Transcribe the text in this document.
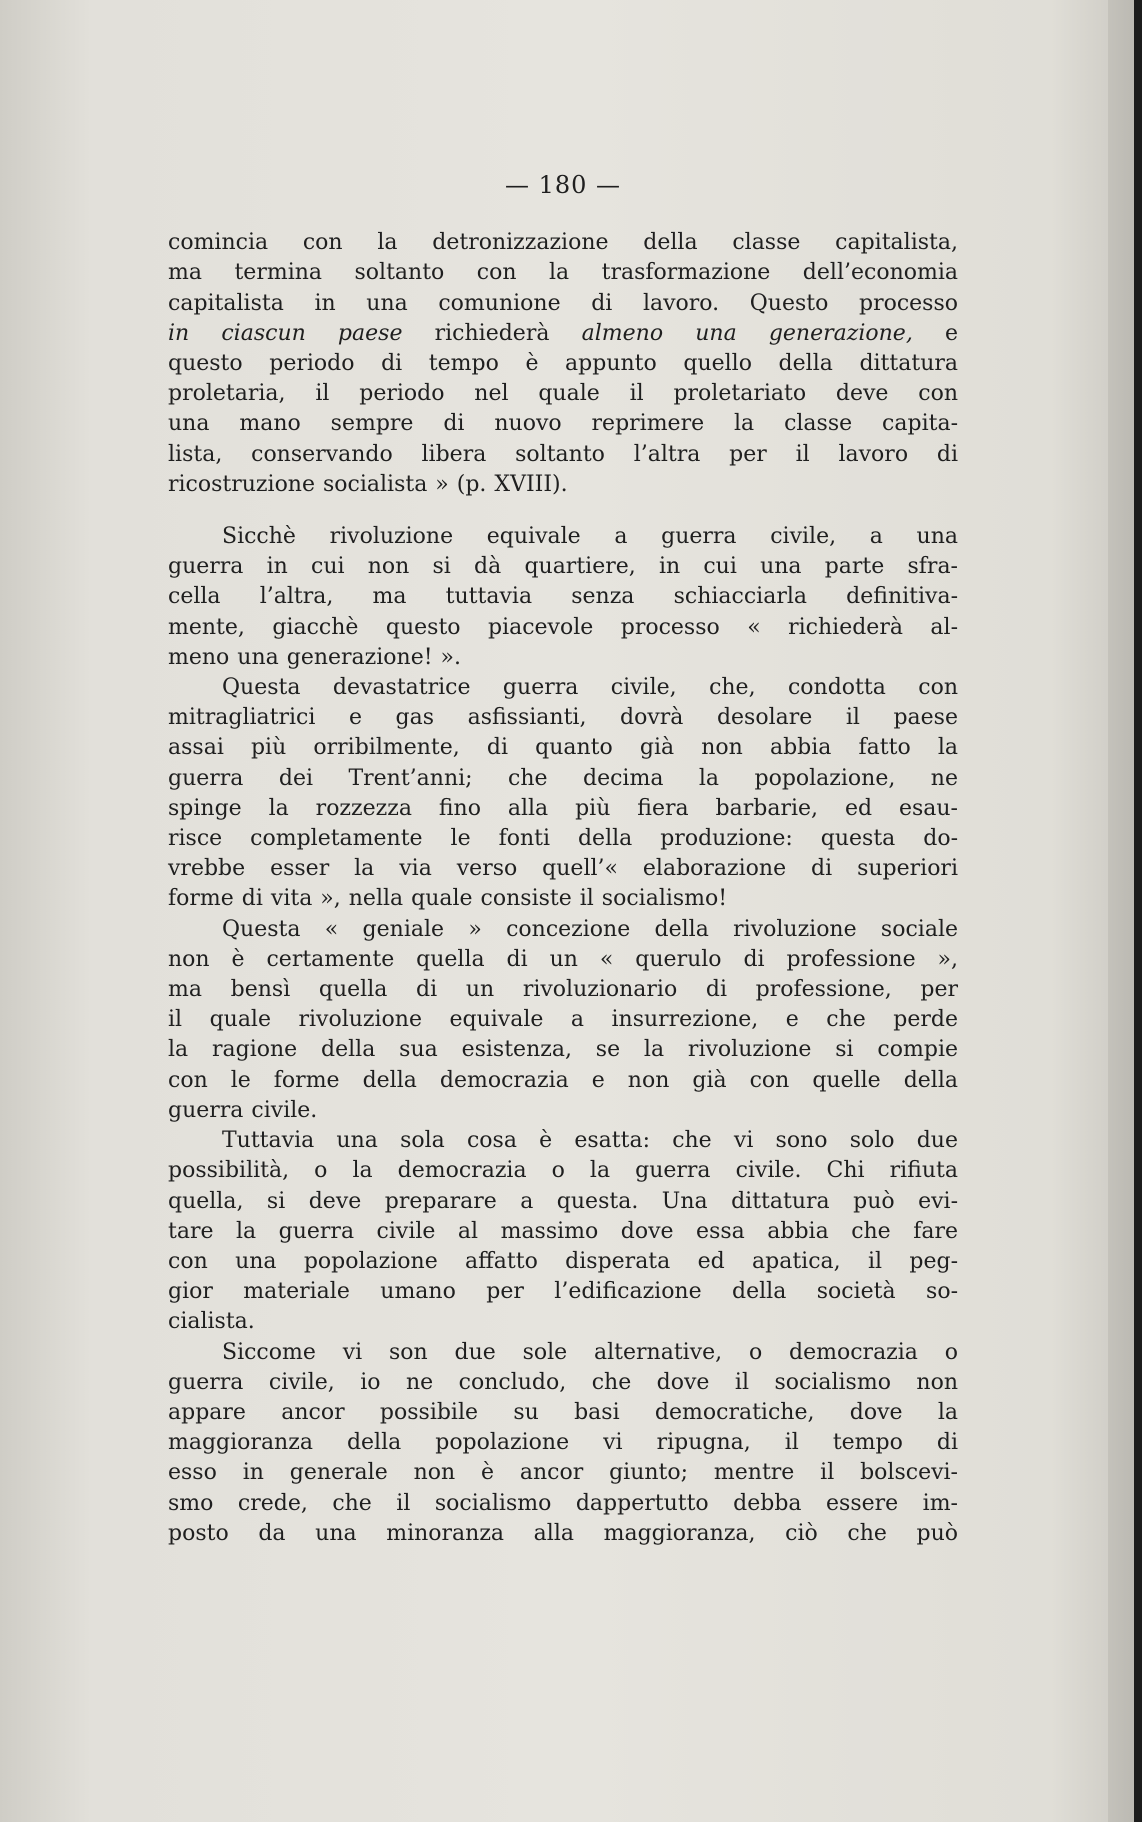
— 180 —
comincia con la detronizzazione della classe capitalista,
ma termina soltanto con la trasformazione dell’economia
capitalista in una comunione di lavoro. Questo processo
in ciascun paese richiederà almeno una generazione, e
questo periodo di tempo è appunto quello della dittatura
proletaria, il periodo nel quale il proletariato deve con
una mano sempre di nuovo reprimere la classe capita-
lista, conservando libera soltanto l’altra per il lavoro di
ricostruzione socialista » (p. XVIII).
Sicchè rivoluzione equivale a guerra civile, a una
guerra in cui non si dà quartiere, in cui una parte sfra-
cella l’altra, ma tuttavia senza schiacciarla definitiva-
mente, giacchè questo piacevole processo « richiederà al-
meno una generazione! ».
Questa devastatrice guerra civile, che, condotta con
mitragliatrici e gas asfissianti, dovrà desolare il paese
assai più orribilmente, di quanto già non abbia fatto la
guerra dei Trent’anni; che decima la popolazione, ne
spinge la rozzezza fino alla più fiera barbarie, ed esau-
risce completamente le fonti della produzione: questa do-
vrebbe esser la via verso quell’« elaborazione di superiori
forme di vita », nella quale consiste il socialismo!
Questa « geniale » concezione della rivoluzione sociale
non è certamente quella di un « querulo di professione »,
ma bensì quella di un rivoluzionario di professione, per
il quale rivoluzione equivale a insurrezione, e che perde
la ragione della sua esistenza, se la rivoluzione si compie
con le forme della democrazia e non già con quelle della
guerra civile.
Tuttavia una sola cosa è esatta: che vi sono solo due
possibilità, o la democrazia o la guerra civile. Chi rifiuta
quella, si deve preparare a questa. Una dittatura può evi-
tare la guerra civile al massimo dove essa abbia che fare
con una popolazione affatto disperata ed apatica, il peg-
gior materiale umano per l’edificazione della società so-
cialista.
Siccome vi son due sole alternative, o democrazia o
guerra civile, io ne concludo, che dove il socialismo non
appare ancor possibile su basi democratiche, dove la
maggioranza della popolazione vi ripugna, il tempo di
esso in generale non è ancor giunto; mentre il bolscevi-
smo crede, che il socialismo dappertutto debba essere im-
posto da una minoranza alla maggioranza, ciò che può
